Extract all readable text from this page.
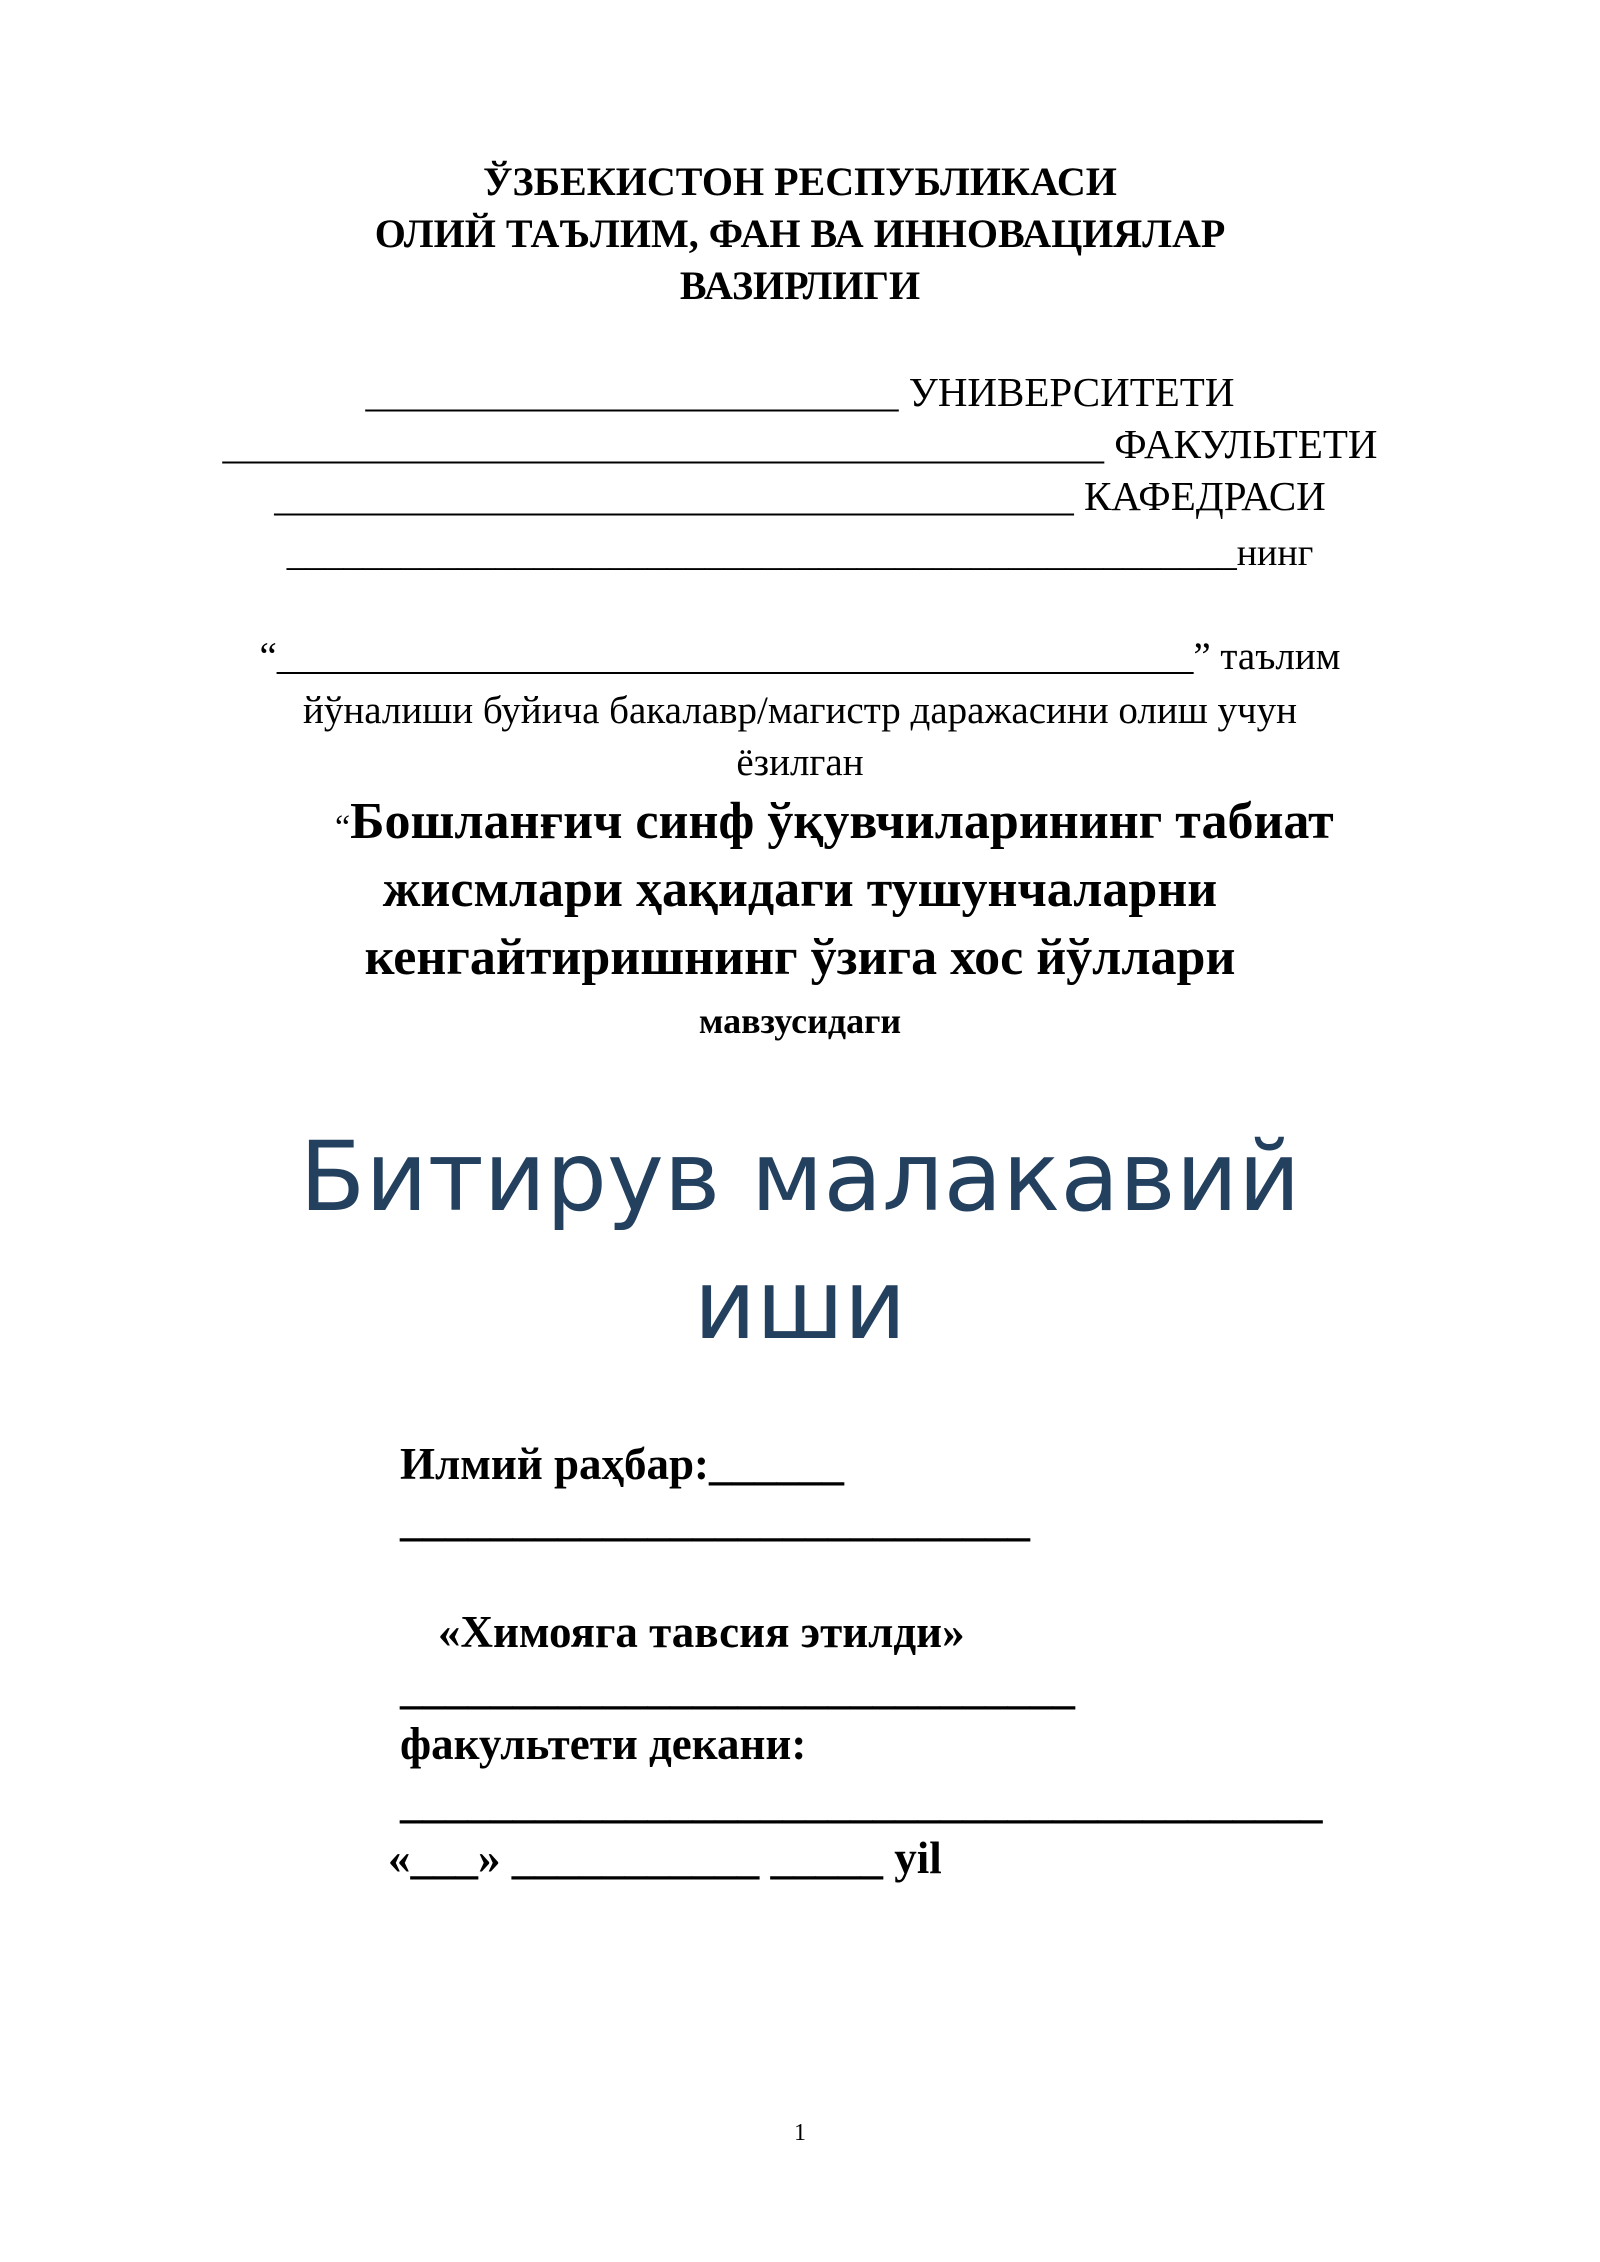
ЎЗБЕКИСТОН РЕСПУБЛИКАСИ
ОЛИЙ ТАЪЛИМ, ФАН ВА ИННОВАЦИЯЛАР
ВАЗИРЛИГИ
__________________________ УНИВЕРСИТЕТИ
___________________________________________ ФАКУЛЬТЕТИ
_______________________________________ КАФЕДРАСИ
__________________________________________________нинг
“_______________________________________________” таълим
йўналиши буйича бакалавр/магистр даражасини олиш учун
ёзилган
“Бошланғич синф ўқувчиларининг табиат
жисмлари ҳақидаги тушунчаларни
кенгайтиришнинг ўзига хос йўллари
мавзусидаги
Битирув малакавий
иши
Илмий раҳбар:______
____________________________
«Химояга тавсия этилди»
______________________________
факультети декани:
_________________________________________
«___» ___________ _____ yil
1
